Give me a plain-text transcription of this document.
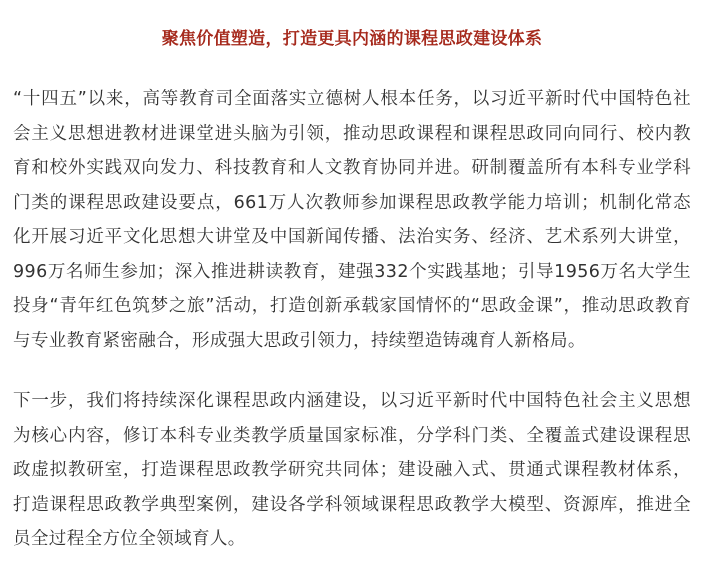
聚焦价值塑造，打造更具内涵的课程思政建设体系

“十四五”以来，高等教育司全面落实立德树人根本任务，以习近平新时代中国特色社会主义思想进教材进课堂进头脑为引领，推动思政课程和课程思政同向同行、校内教育和校外实践双向发力、科技教育和人文教育协同并进。研制覆盖所有本科专业学科门类的课程思政建设要点，661万人次教师参加课程思政教学能力培训；机制化常态化开展习近平文化思想大讲堂及中国新闻传播、法治实务、经济、艺术系列大讲堂，996万名师生参加；深入推进耕读教育，建强332个实践基地；引导1956万名大学生投身“青年红色筑梦之旅”活动，打造创新承载家国情怀的“思政金课”，推动思政教育与专业教育紧密融合，形成强大思政引领力，持续塑造铸魂育人新格局。

下一步，我们将持续深化课程思政内涵建设，以习近平新时代中国特色社会主义思想为核心内容，修订本科专业类教学质量国家标准，分学科门类、全覆盖式建设课程思政虚拟教研室，打造课程思政教学研究共同体；建设融入式、贯通式课程教材体系，打造课程思政教学典型案例，建设各学科领域课程思政教学大模型、资源库，推进全员全过程全方位全领域育人。
